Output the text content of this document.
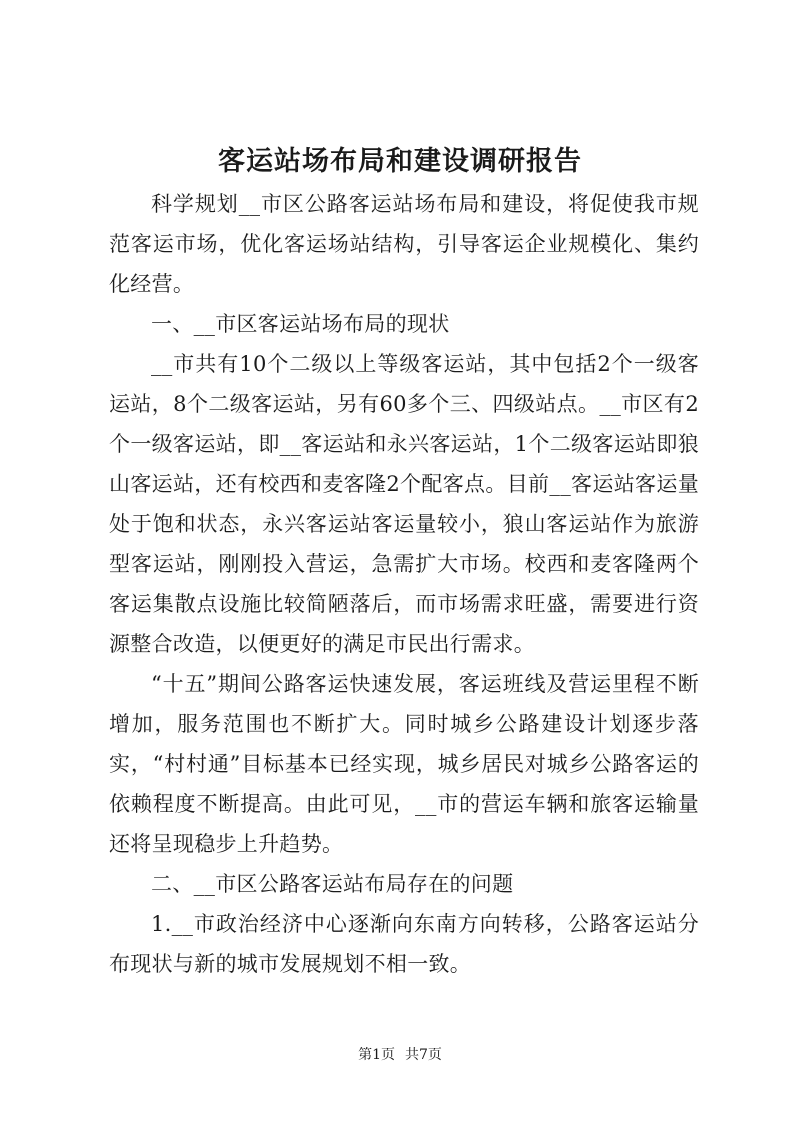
客运站场布局和建设调研报告

科学规划__市区公路客运站场布局和建设，将促使我市规范客运市场，优化客运场站结构，引导客运企业规模化、集约化经营。

一、__市区客运站场布局的现状

__市共有10个二级以上等级客运站，其中包括2个一级客运站，8个二级客运站，另有60多个三、四级站点。__市区有2个一级客运站，即__客运站和永兴客运站，1个二级客运站即狼山客运站，还有校西和麦客隆2个配客点。目前__客运站客运量处于饱和状态，永兴客运站客运量较小，狼山客运站作为旅游型客运站，刚刚投入营运，急需扩大市场。校西和麦客隆两个客运集散点设施比较简陋落后，而市场需求旺盛，需要进行资源整合改造，以便更好的满足市民出行需求。

“十五”期间公路客运快速发展，客运班线及营运里程不断增加，服务范围也不断扩大。同时城乡公路建设计划逐步落实，“村村通”目标基本已经实现，城乡居民对城乡公路客运的依赖程度不断提高。由此可见，__市的营运车辆和旅客运输量还将呈现稳步上升趋势。

二、__市区公路客运站布局存在的问题

1.__市政治经济中心逐渐向东南方向转移，公路客运站分布现状与新的城市发展规划不相一致。

第1页 共7页
